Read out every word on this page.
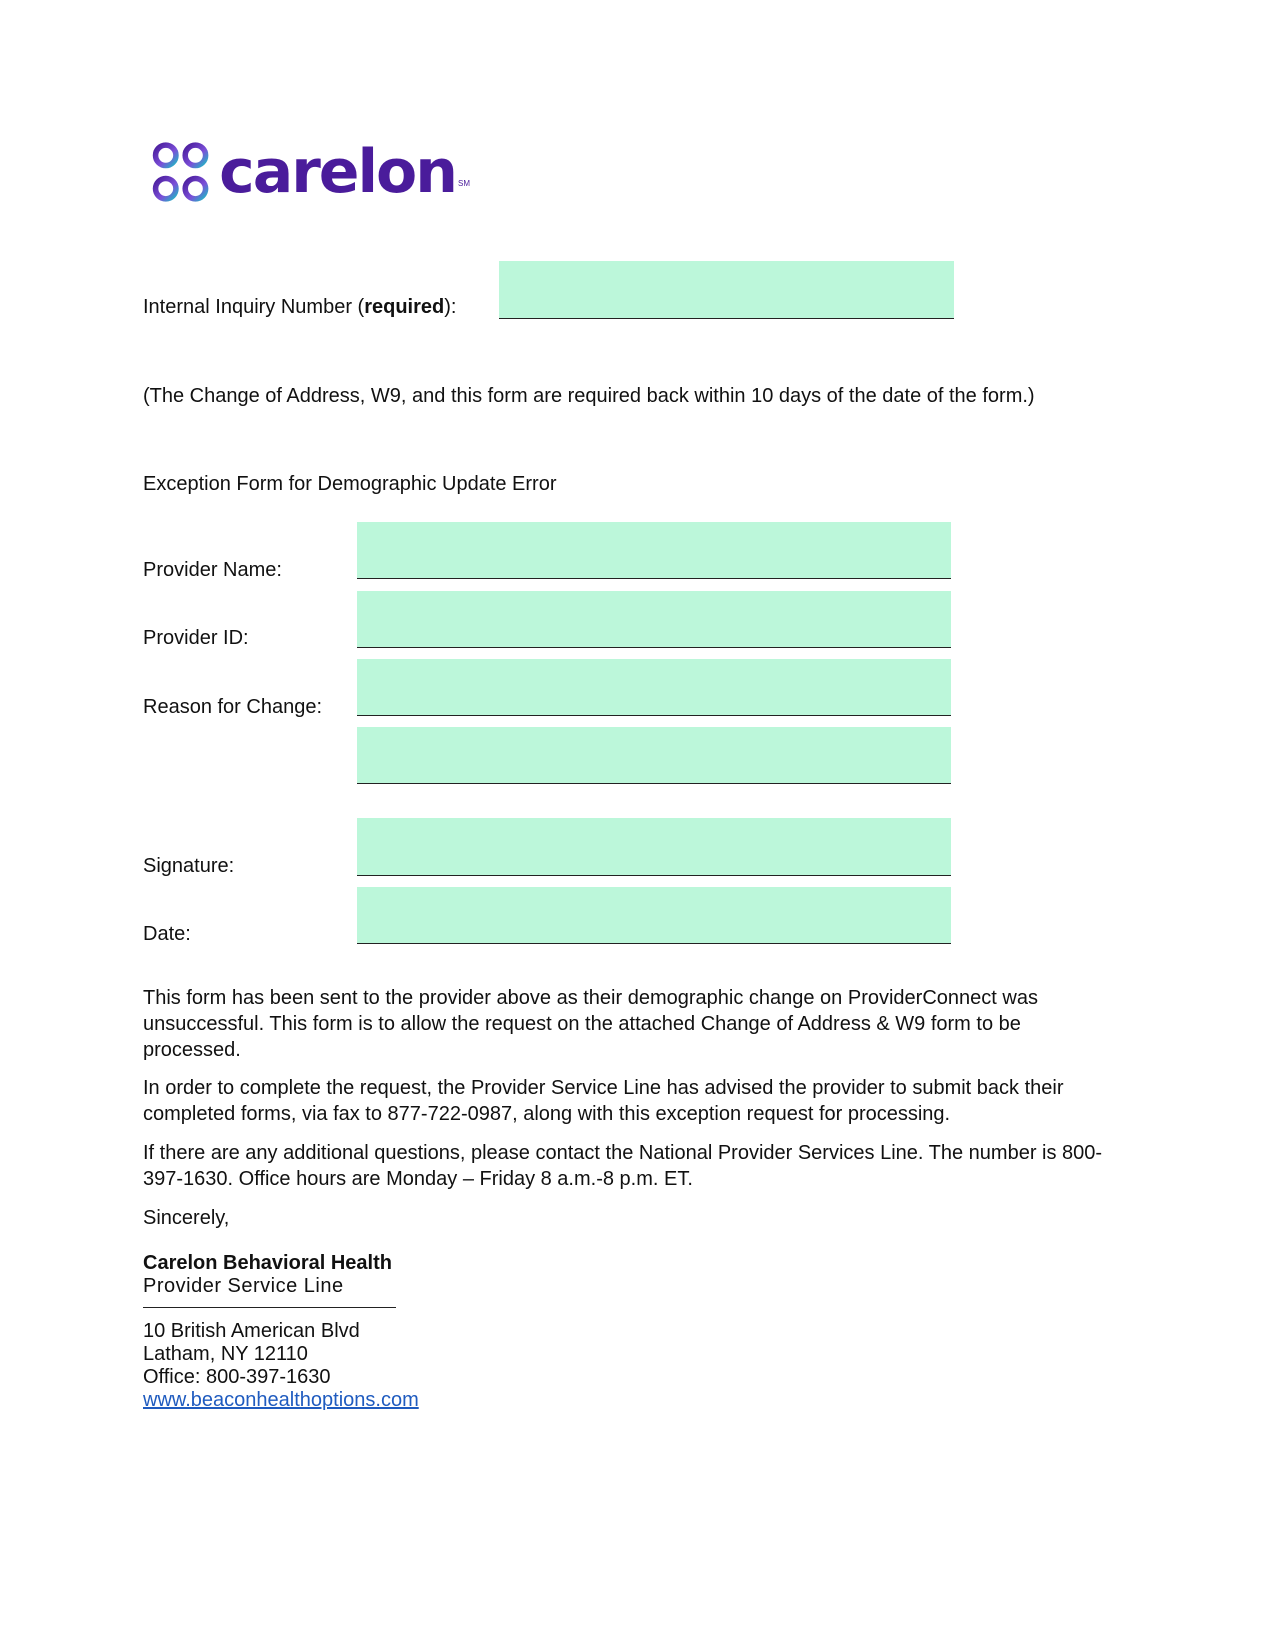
carelon SM
Internal Inquiry Number (required):
(The Change of Address, W9, and this form are required back within 10 days of the date of the form.)
Exception Form for Demographic Update Error
Provider Name:
Provider ID:
Reason for Change:
Signature:
Date:
This form has been sent to the provider above as their demographic change on ProviderConnect was unsuccessful. This form is to allow the request on the attached Change of Address & W9 form to be processed.
In order to complete the request, the Provider Service Line has advised the provider to submit back their completed forms, via fax to 877-722-0987, along with this exception request for processing.
If there are any additional questions, please contact the National Provider Services Line. The number is 800-397-1630. Office hours are Monday – Friday 8 a.m.-8 p.m. ET.
Sincerely,
Carelon Behavioral Health
Provider Service Line
10 British American Blvd
Latham, NY 12110
Office: 800-397-1630
www.beaconhealthoptions.com
